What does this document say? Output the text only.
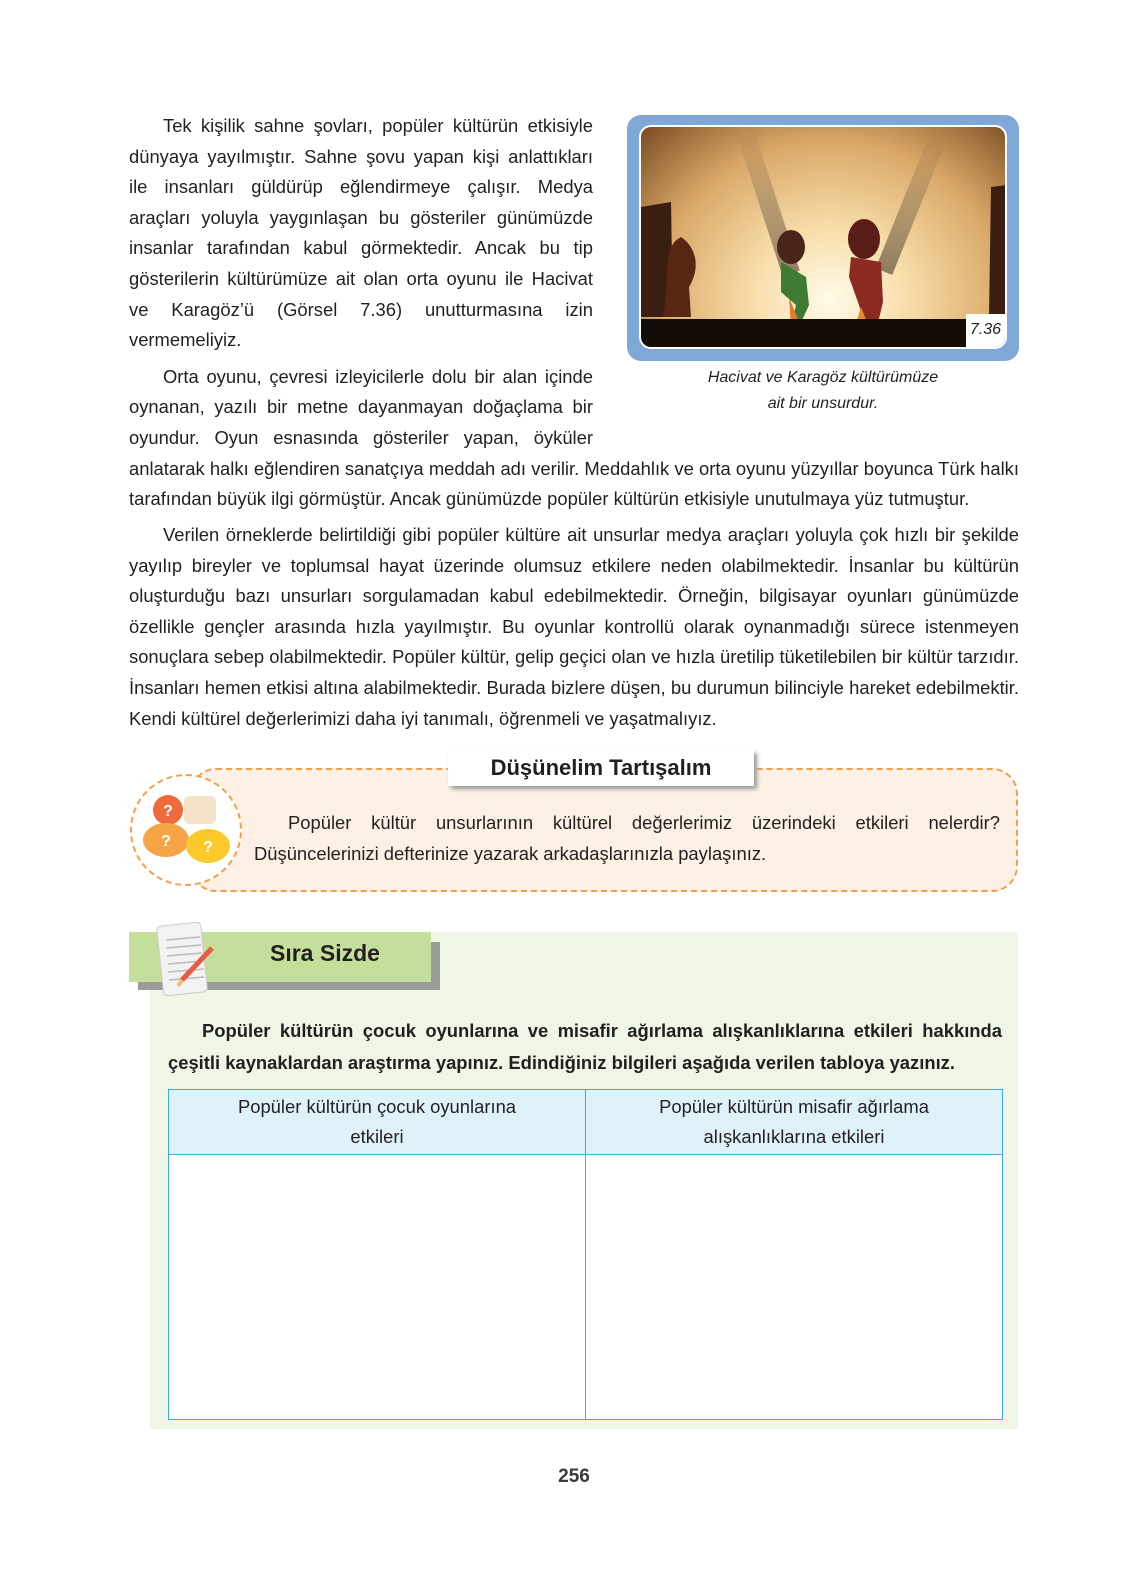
7.36
Hacivat ve Karagöz kültürümüze
ait bir unsurdur.

Tek kişilik sahne şovları, popüler kültürün etkisiyle dünyaya yayılmıştır. Sahne şovu yapan kişi anlattıkları ile insanları güldürüp eğlendirmeye çalışır. Medya araçları yoluyla yaygınlaşan bu gösteriler günümüzde insanlar tarafından kabul görmektedir. Ancak bu tip gösterilerin kültürümüze ait olan orta oyunu ile Hacivat ve Karagöz’ü (Görsel 7.36) unutturmasına izin vermemeliyiz.

Orta oyunu, çevresi izleyicilerle dolu bir alan içinde oynanan, yazılı bir metne dayanmayan doğaçlama bir oyundur. Oyun esnasında gösteriler yapan, öyküler anlatarak halkı eğlendiren sanatçıya meddah adı verilir. Meddahlık ve orta oyunu yüzyıllar boyunca Türk halkı tarafından büyük ilgi görmüştür. Ancak günümüzde popüler kültürün etkisiyle unutulmaya yüz tutmuştur.

Verilen örneklerde belirtildiği gibi popüler kültüre ait unsurlar medya araçları yoluyla çok hızlı bir şekilde yayılıp bireyler ve toplumsal hayat üzerinde olumsuz etkilere neden olabilmektedir. İnsanlar bu kültürün oluşturduğu bazı unsurları sorgulamadan kabul edebilmektedir. Örneğin, bilgisayar oyunları günümüzde özellikle gençler arasında hızla yayılmıştır. Bu oyunlar kontrollü olarak oynanmadığı sürece istenmeyen sonuçlara sebep olabilmektedir. Popüler kültür, gelip geçici olan ve hızla üretilip tüketilebilen bir kültür tarzıdır. İnsanları hemen etkisi altına alabilmektedir. Burada bizlere düşen, bu durumun bilinciyle hareket edebilmektir. Kendi kültürel değerlerimizi daha iyi tanımalı, öğrenmeli ve yaşatmalıyız.

?
? ?
Düşünelim Tartışalım
Popüler kültür unsurlarının kültürel değerlerimiz üzerindeki etkileri nelerdir? Düşüncelerinizi defterinize yazarak arkadaşlarınızla paylaşınız.
Sıra Sizde
Popüler kültürün çocuk oyunlarına ve misafir ağırlama alışkanlıklarına etkileri hakkında çeşitli kaynaklardan araştırma yapınız. Edindiğiniz bilgileri aşağıda verilen tabloya yazınız.
Popüler kültürün çocuk oyunlarına etkileri	Popüler kültürün misafir ağırlama alışkanlıklarına etkileri

256
